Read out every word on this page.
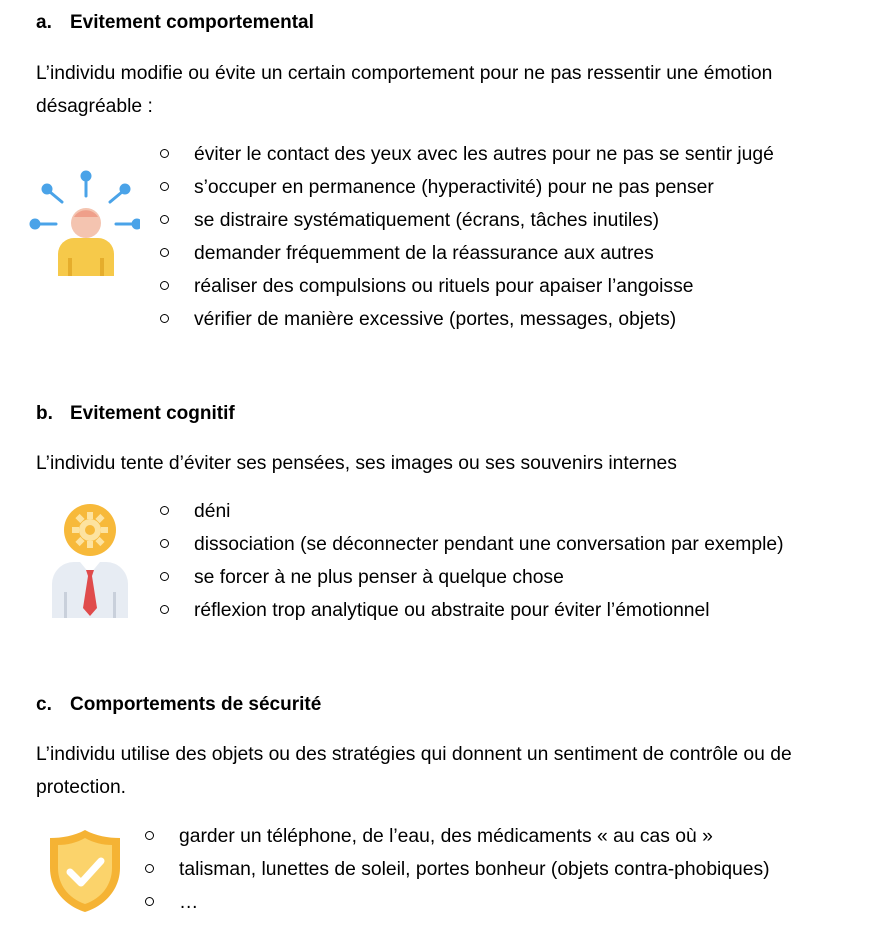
a. Evitement comportemental
L’individu modifie ou évite un certain comportement pour ne pas ressentir une émotion désagréable :
éviter le contact des yeux avec les autres pour ne pas se sentir jugé
s’occuper en permanence (hyperactivité) pour ne pas penser
se distraire systématiquement (écrans, tâches inutiles)
demander fréquemment de la réassurance aux autres
réaliser des compulsions ou rituels pour apaiser l’angoisse
vérifier de manière excessive (portes, messages, objets)
b. Evitement cognitif
L’individu tente d’éviter ses pensées, ses images ou ses souvenirs internes
déni
dissociation (se déconnecter pendant une conversation par exemple)
se forcer à ne plus penser à quelque chose
réflexion trop analytique ou abstraite pour éviter l’émotionnel
c. Comportements de sécurité
L’individu utilise des objets ou des stratégies qui donnent un sentiment de contrôle ou de protection.
garder un téléphone, de l’eau, des médicaments « au cas où »
talisman, lunettes de soleil, portes bonheur (objets contra-phobiques)
…
